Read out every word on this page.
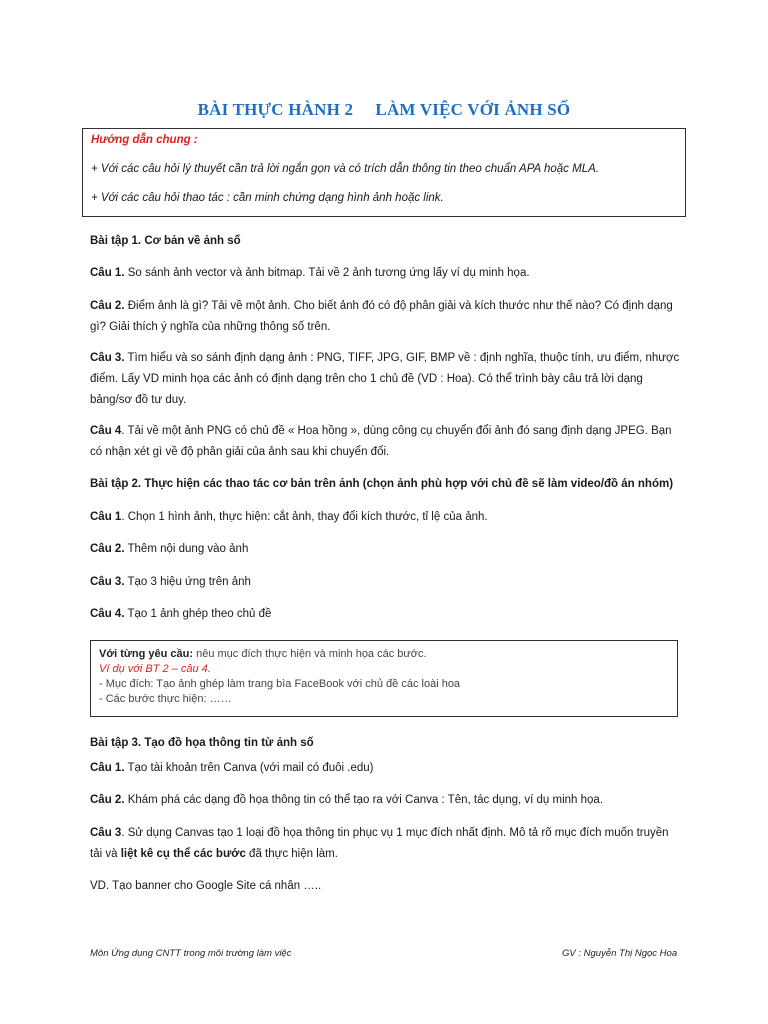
BÀI THỰC HÀNH 2     LÀM VIỆC VỚI ẢNH SỐ
Hướng dẫn chung :
+ Với các câu hỏi lý thuyết cần trả lời ngắn gọn và có trích dẫn thông tin theo chuẩn APA hoặc MLA.
+ Với các câu hỏi thao tác : cần minh chứng dạng hình ảnh hoặc link.
Bài tập 1. Cơ bản về ảnh số
Câu 1. So sánh ảnh vector và ảnh bitmap. Tải về 2 ảnh tương ứng lấy ví dụ minh họa.
Câu 2. Điểm ảnh là gì? Tải về một ảnh. Cho biết ảnh đó có độ phân giải và kích thước như thế nào? Có định dạng gì? Giải thích ý nghĩa của những thông số trên.
Câu 3. Tìm hiểu và so sánh định dạng ảnh : PNG, TIFF, JPG, GIF, BMP về : định nghĩa, thuộc tính, ưu điểm, nhược điểm. Lấy VD minh họa các ảnh có định dạng trên cho 1 chủ đề (VD : Hoa). Có thể trình bày câu trả lời dạng bảng/sơ đồ tư duy.
Câu 4. Tải về một ảnh PNG có chủ đề « Hoa hồng », dùng công cụ chuyển đổi ảnh đó sang định dạng JPEG. Bạn có nhận xét gì về độ phân giải của ảnh sau khi chuyển đổi.
Bài tập 2. Thực hiện các thao tác cơ bản trên ảnh (chọn ảnh phù hợp với chủ đề sẽ làm video/đồ án nhóm)
Câu 1. Chọn 1 hình ảnh, thực hiện: cắt ảnh, thay đổi kích thước, tỉ lệ của ảnh.
Câu 2. Thêm nội dung vào ảnh
Câu 3. Tạo 3 hiệu ứng trên ảnh
Câu 4. Tạo 1 ảnh ghép theo chủ đề
Với từng yêu cầu: nêu mục đích thực hiện và minh họa các bước.
Ví dụ với BT 2 – câu 4.
- Mục đích: Tạo ảnh ghép làm trang bìa FaceBook với chủ đề các loài hoa
- Các bước thực hiện: ……
Bài tập 3. Tạo đồ họa thông tin từ ảnh số
Câu 1. Tạo tài khoản trên Canva (với mail có đuôi .edu)
Câu 2. Khám phá các dạng đồ họa thông tin có thể tạo ra với Canva : Tên, tác dụng, ví dụ minh họa.
Câu 3. Sử dụng Canvas tạo 1 loại đồ họa thông tin phục vụ 1 mục đích nhất định. Mô tả rõ mục đích muốn truyền tải và liệt kê cụ thể các bước đã thực hiện làm.
VD. Tạo banner cho Google Site cá nhân …..
Môn Ứng dụng CNTT trong môi trường làm việc	GV : Nguyễn Thị Ngọc Hoa
